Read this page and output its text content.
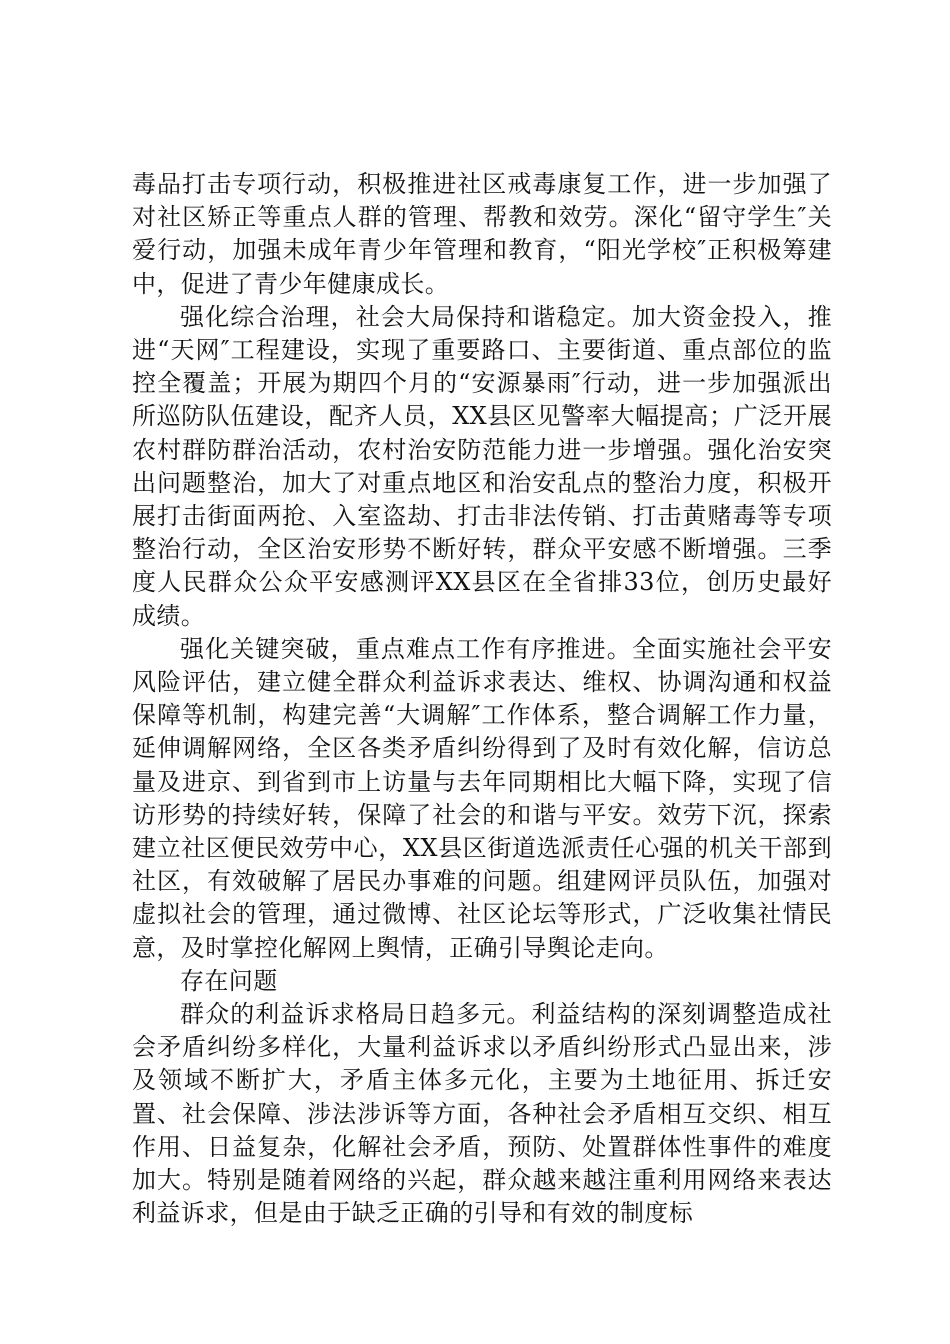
毒品打击专项行动，积极推进社区戒毒康复工作，进一步加强了对社区矫正等重点人群的管理、帮教和效劳。深化“留守学生″关爱行动，加强未成年青少年管理和教育，“阳光学校″正积极筹建中，促进了青少年健康成长。

强化综合治理，社会大局保持和谐稳定。加大资金投入，推进“天网″工程建设，实现了重要路口、主要街道、重点部位的监控全覆盖；开展为期四个月的“安源暴雨″行动，进一步加强派出所巡防队伍建设，配齐人员，XX县区见警率大幅提高；广泛开展农村群防群治活动，农村治安防范能力进一步增强。强化治安突出问题整治，加大了对重点地区和治安乱点的整治力度，积极开展打击街面两抢、入室盗劫、打击非法传销、打击黄赌毒等专项整治行动，全区治安形势不断好转，群众平安感不断增强。三季度人民群众公众平安感测评XX县区在全省排33位，创历史最好成绩。

强化关键突破，重点难点工作有序推进。全面实施社会平安风险评估，建立健全群众利益诉求表达、维权、协调沟通和权益保障等机制，构建完善“大调解″工作体系，整合调解工作力量，延伸调解网络，全区各类矛盾纠纷得到了及时有效化解，信访总量及进京、到省到市上访量与去年同期相比大幅下降，实现了信访形势的持续好转，保障了社会的和谐与平安。效劳下沉，探索建立社区便民效劳中心，XX县区街道选派责任心强的机关干部到社区，有效破解了居民办事难的问题。组建网评员队伍，加强对虚拟社会的管理，通过微博、社区论坛等形式，广泛收集社情民意，及时掌控化解网上舆情，正确引导舆论走向。

存在问题

群众的利益诉求格局日趋多元。利益结构的深刻调整造成社会矛盾纠纷多样化，大量利益诉求以矛盾纠纷形式凸显出来，涉及领域不断扩大，矛盾主体多元化，主要为土地征用、拆迁安置、社会保障、涉法涉诉等方面，各种社会矛盾相互交织、相互作用、日益复杂，化解社会矛盾，预防、处置群体性事件的难度加大。特别是随着网络的兴起，群众越来越注重利用网络来表达利益诉求，但是由于缺乏正确的引导和有效的制度标
